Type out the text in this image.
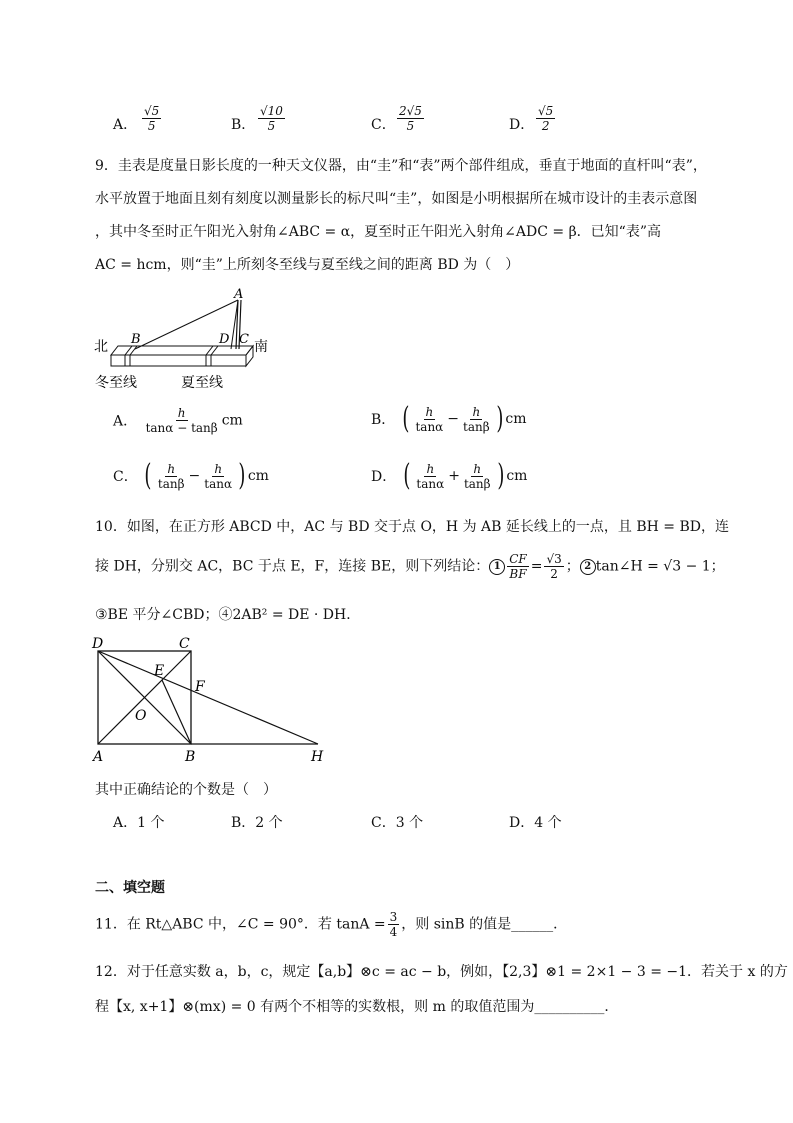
A． $\frac{√5}{5}$	B． $\frac{√10}{5}$	C． $\frac{2√5}{5}$	D． $\frac{√5}{2}$
9．圭表是度量日影长度的一种天文仪器，由“圭”和“表”两个部件组成，垂直于地面的直杆叫“表”，
水平放置于地面且刻有刻度以测量影长的标尺叫“圭”，如图是小明根据所在城市设计的圭表示意图
，其中冬至时正午阳光入射角∠ABC = α，夏至时正午阳光入射角∠ADC = β．已知“表”高
AC = hcm，则“圭”上所刻冬至线与夏至线之间的距离 BD 为（　）
A
B	D C
北	南
冬至线	夏至线
A． $\frac{h}{\tan\alpha - \tan\beta}$ cm	B． ( $\frac{h}{\tan\alpha} - \frac{h}{\tan\beta}$ ) cm
C． ( $\frac{h}{\tan\beta} - \frac{h}{\tan\alpha}$ ) cm	D． ( $\frac{h}{\tan\alpha} + \frac{h}{\tan\beta}$ ) cm
10．如图，在正方形 ABCD 中，AC 与 BD 交于点 O，H 为 AB 延长线上的一点，且 BH = BD，连
接 DH，分别交 AC，BC 于点 E，F，连接 BE，则下列结论： $1 \frac{CF}{BF} = \frac{√3}{2}$ ； 2 tan∠H = √3 − 1；
③BE 平分∠CBD；④2AB² = DE · DH．
D	C
E
F
O
A	B	H
其中正确结论的个数是（　）
A．1 个	B．2 个	C．3 个	D．4 个
二、填空题
11．在 Rt△ABC 中，∠C = 90°．若 $\tan A = \frac{3}{4}$ ，则 sinB 的值是______．
12．对于任意实数 a，b，c，规定【a,b】⊗c = ac − b，例如，【2,3】⊗1 = 2×1 − 3 = −1．若关于 x 的方
程【x, x+1】⊗(mx) = 0 有两个不相等的实数根，则 m 的取值范围为__________．
